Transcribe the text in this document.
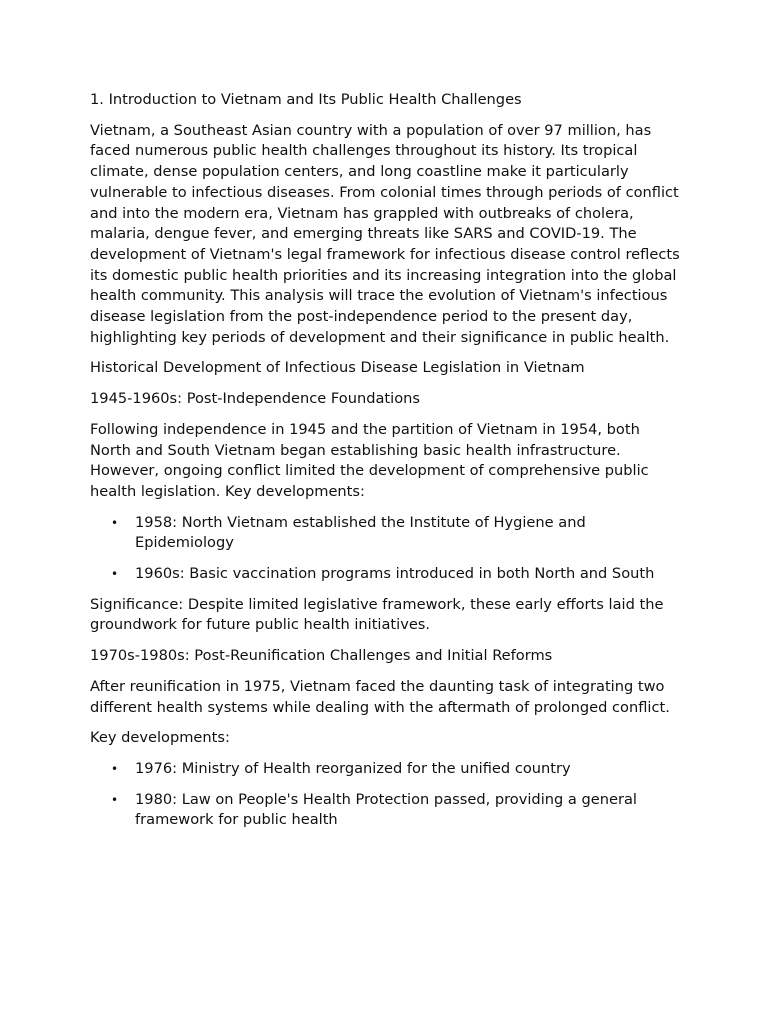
1. Introduction to Vietnam and Its Public Health Challenges

Vietnam, a Southeast Asian country with a population of over 97 million, has faced numerous public health challenges throughout its history. Its tropical climate, dense population centers, and long coastline make it particularly vulnerable to infectious diseases. From colonial times through periods of conflict and into the modern era, Vietnam has grappled with outbreaks of cholera, malaria, dengue fever, and emerging threats like SARS and COVID-19. The development of Vietnam's legal framework for infectious disease control reflects its domestic public health priorities and its increasing integration into the global health community. This analysis will trace the evolution of Vietnam's infectious disease legislation from the post-independence period to the present day, highlighting key periods of development and their significance in public health.

Historical Development of Infectious Disease Legislation in Vietnam

1945-1960s: Post-Independence Foundations

Following independence in 1945 and the partition of Vietnam in 1954, both North and South Vietnam began establishing basic health infrastructure. However, ongoing conflict limited the development of comprehensive public health legislation. Key developments:

• 1958: North Vietnam established the Institute of Hygiene and Epidemiology
• 1960s: Basic vaccination programs introduced in both North and South

Significance: Despite limited legislative framework, these early efforts laid the groundwork for future public health initiatives.

1970s-1980s: Post-Reunification Challenges and Initial Reforms

After reunification in 1975, Vietnam faced the daunting task of integrating two different health systems while dealing with the aftermath of prolonged conflict.

Key developments:

• 1976: Ministry of Health reorganized for the unified country
• 1980: Law on People's Health Protection passed, providing a general framework for public health
